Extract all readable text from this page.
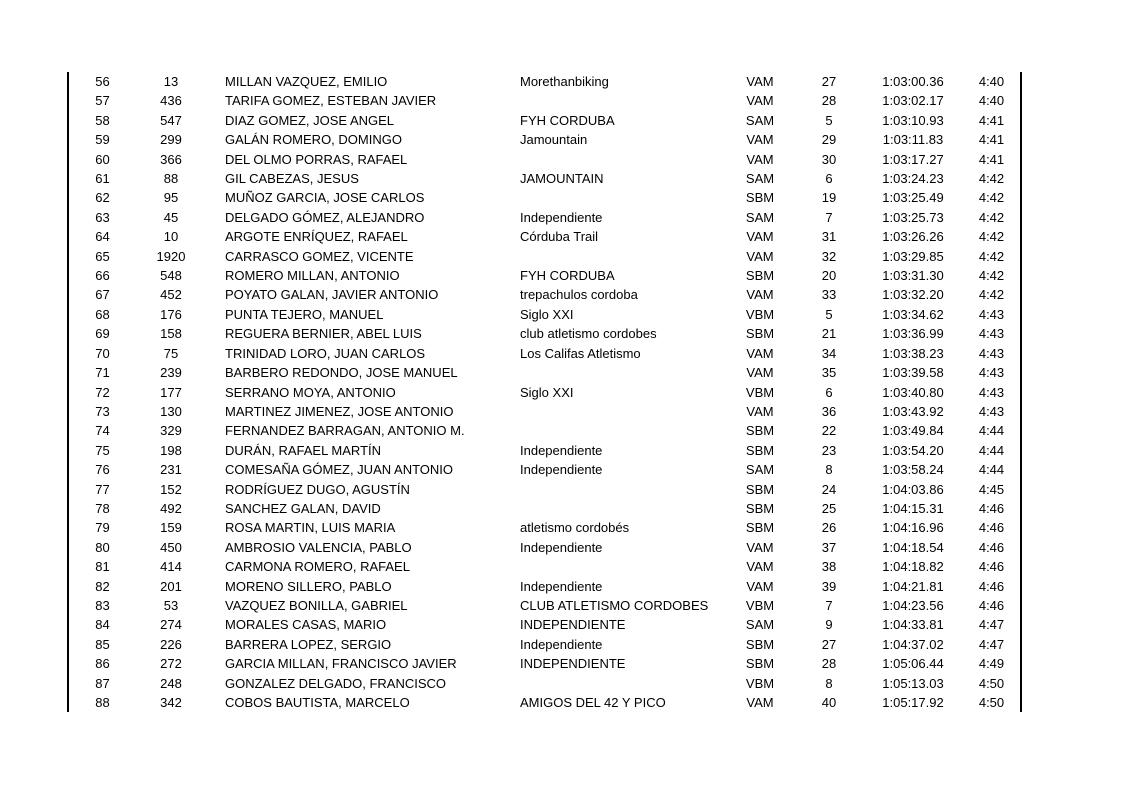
56	13		MILLAN VAZQUEZ, EMILIO	Morethanbiking	VAM	27	1:03:00.36	4:40
57	436		TARIFA GOMEZ, ESTEBAN JAVIER		VAM	28	1:03:02.17	4:40
58	547		DIAZ GOMEZ, JOSE ANGEL	FYH CORDUBA	SAM	5	1:03:10.93	4:41
59	299		GALÁN ROMERO, DOMINGO	Jamountain	VAM	29	1:03:11.83	4:41
60	366		DEL OLMO PORRAS, RAFAEL		VAM	30	1:03:17.27	4:41
61	88		GIL CABEZAS, JESUS	JAMOUNTAIN	SAM	6	1:03:24.23	4:42
62	95		MUÑOZ GARCIA, JOSE CARLOS		SBM	19	1:03:25.49	4:42
63	45		DELGADO GÓMEZ, ALEJANDRO	Independiente	SAM	7	1:03:25.73	4:42
64	10		ARGOTE ENRÍQUEZ, RAFAEL	Córduba Trail	VAM	31	1:03:26.26	4:42
65	1920		CARRASCO GOMEZ, VICENTE		VAM	32	1:03:29.85	4:42
66	548		ROMERO MILLAN, ANTONIO	FYH CORDUBA	SBM	20	1:03:31.30	4:42
67	452		POYATO GALAN, JAVIER ANTONIO	trepachulos cordoba	VAM	33	1:03:32.20	4:42
68	176		PUNTA TEJERO, MANUEL	Siglo XXI	VBM	5	1:03:34.62	4:43
69	158		REGUERA BERNIER, ABEL LUIS	club atletismo cordobes	SBM	21	1:03:36.99	4:43
70	75		TRINIDAD LORO, JUAN CARLOS	Los Califas Atletismo	VAM	34	1:03:38.23	4:43
71	239		BARBERO REDONDO, JOSE MANUEL		VAM	35	1:03:39.58	4:43
72	177		SERRANO MOYA, ANTONIO	Siglo XXI	VBM	6	1:03:40.80	4:43
73	130		MARTINEZ JIMENEZ, JOSE ANTONIO		VAM	36	1:03:43.92	4:43
74	329		FERNANDEZ BARRAGAN, ANTONIO M.		SBM	22	1:03:49.84	4:44
75	198		DURÁN, RAFAEL MARTÍN	Independiente	SBM	23	1:03:54.20	4:44
76	231		COMESAÑA GÓMEZ, JUAN ANTONIO	Independiente	SAM	8	1:03:58.24	4:44
77	152		RODRÍGUEZ DUGO, AGUSTÍN		SBM	24	1:04:03.86	4:45
78	492		SANCHEZ GALAN, DAVID		SBM	25	1:04:15.31	4:46
79	159		ROSA MARTIN, LUIS MARIA	atletismo cordobés	SBM	26	1:04:16.96	4:46
80	450		AMBROSIO VALENCIA, PABLO	Independiente	VAM	37	1:04:18.54	4:46
81	414		CARMONA ROMERO, RAFAEL		VAM	38	1:04:18.82	4:46
82	201		MORENO SILLERO, PABLO	Independiente	VAM	39	1:04:21.81	4:46
83	53		VAZQUEZ BONILLA, GABRIEL	CLUB ATLETISMO CORDOBES	VBM	7	1:04:23.56	4:46
84	274		MORALES CASAS, MARIO	INDEPENDIENTE	SAM	9	1:04:33.81	4:47
85	226		BARRERA LOPEZ, SERGIO	Independiente	SBM	27	1:04:37.02	4:47
86	272		GARCIA MILLAN, FRANCISCO JAVIER	INDEPENDIENTE	SBM	28	1:05:06.44	4:49
87	248		GONZALEZ DELGADO, FRANCISCO		VBM	8	1:05:13.03	4:50
88	342		COBOS BAUTISTA, MARCELO	AMIGOS DEL 42 Y PICO	VAM	40	1:05:17.92	4:50
